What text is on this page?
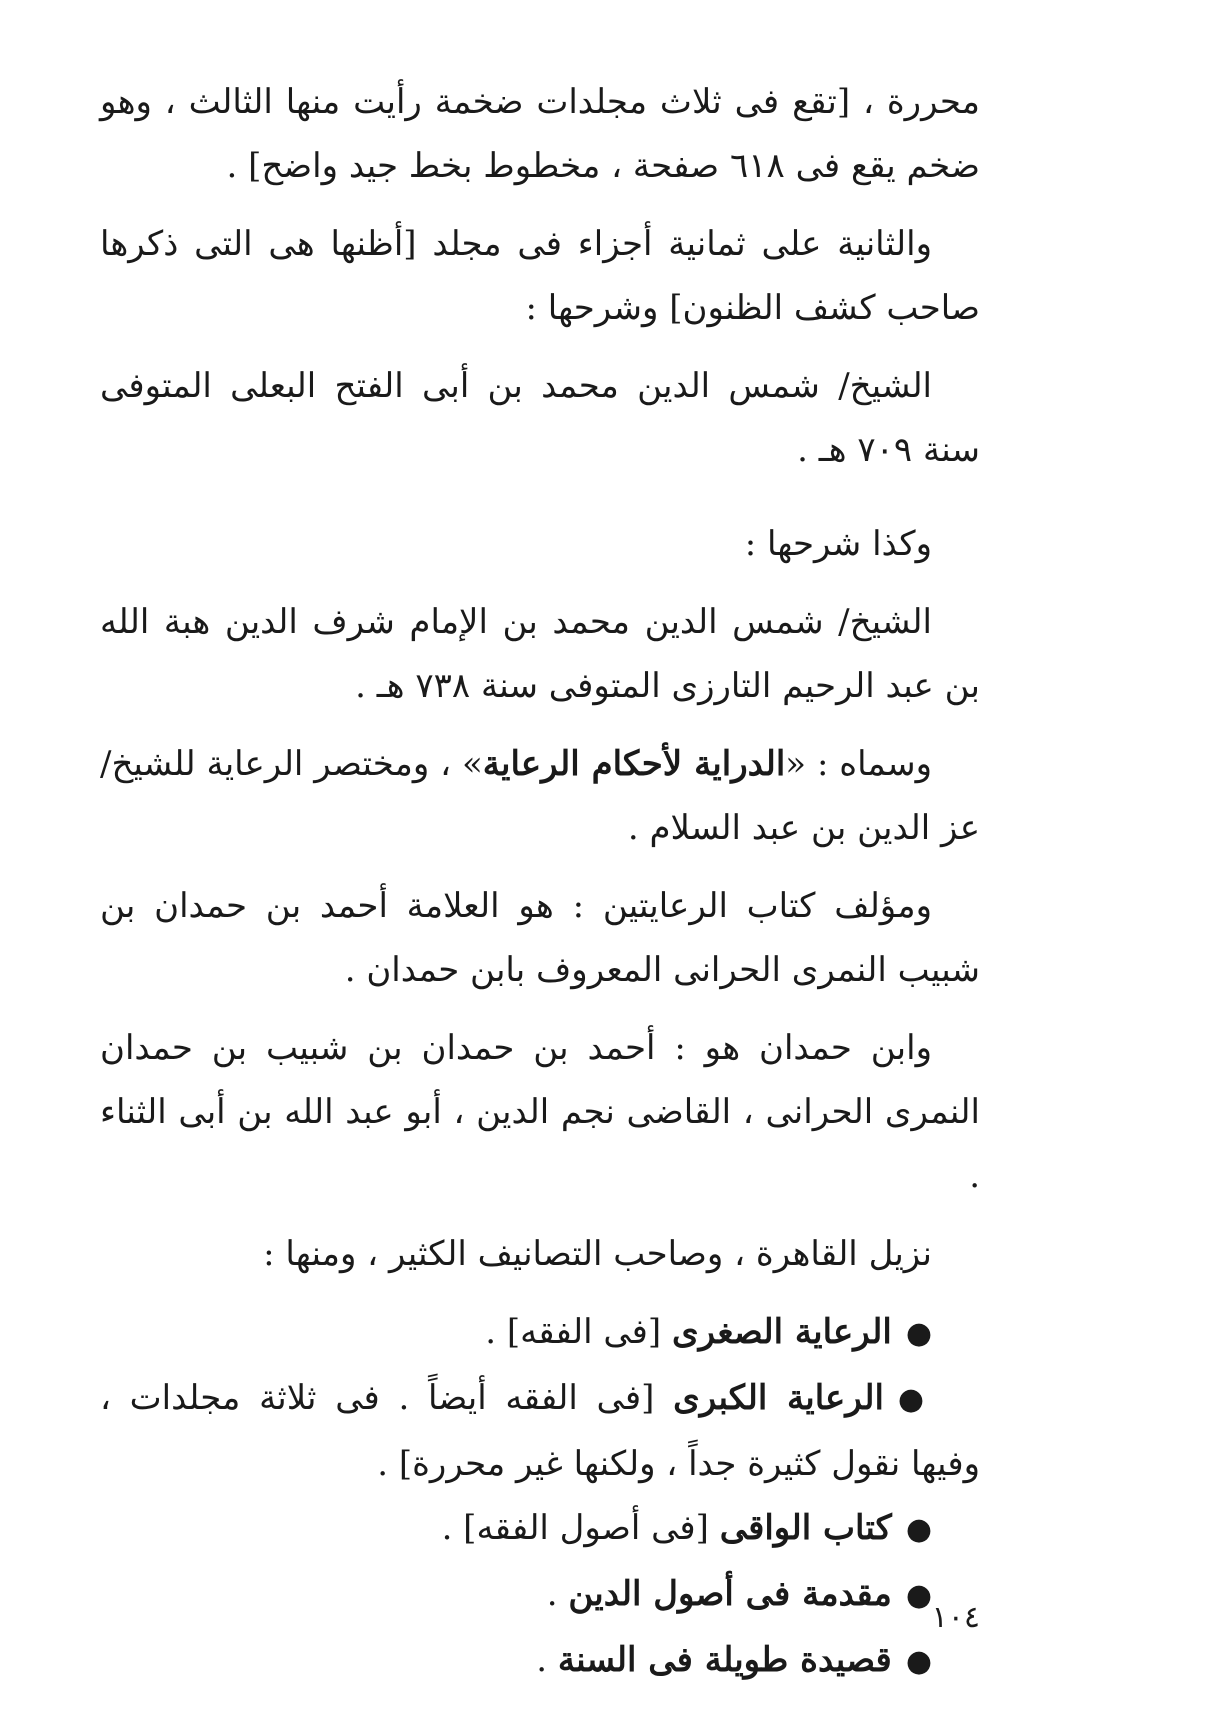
محررة ، [تقع فى ثلاث مجلدات ضخمة رأيت منها الثالث ، وهو ضخم يقع فى ٦١٨ صفحة ، مخطوط بخط جيد واضح] .

والثانية على ثمانية أجزاء فى مجلد [أظنها هى التى ذكرها صاحب كشف الظنون] وشرحها :

الشيخ/ شمس الدين محمد بن أبى الفتح البعلى المتوفى سنة ٧٠٩ هـ .

وكذا شرحها :

الشيخ/ شمس الدين محمد بن الإمام شرف الدين هبة الله بن عبد الرحيم التارزى المتوفى سنة ٧٣٨ هـ .

وسماه : «الدراية لأحكام الرعاية» ، ومختصر الرعاية للشيخ/ عز الدين بن عبد السلام .

ومؤلف كتاب الرعايتين : هو العلامة أحمد بن حمدان بن شبيب النمرى الحرانى المعروف بابن حمدان .

وابن حمدان هو : أحمد بن حمدان بن شبيب بن حمدان النمرى الحرانى ، القاضى نجم الدين ، أبو عبد الله بن أبى الثناء .

نزيل القاهرة ، وصاحب التصانيف الكثير ، ومنها :

●الرعاية الصغرى [فى الفقه] .
●الرعاية الكبرى [فى الفقه أيضاً . فى ثلاثة مجلدات ، وفيها نقول كثيرة جداً ، ولكنها غير محررة] .
●كتاب الواقى [فى أصول الفقه] .
●مقدمة فى أصول الدين .
●قصيدة طويلة فى السنة .
١٠٤
